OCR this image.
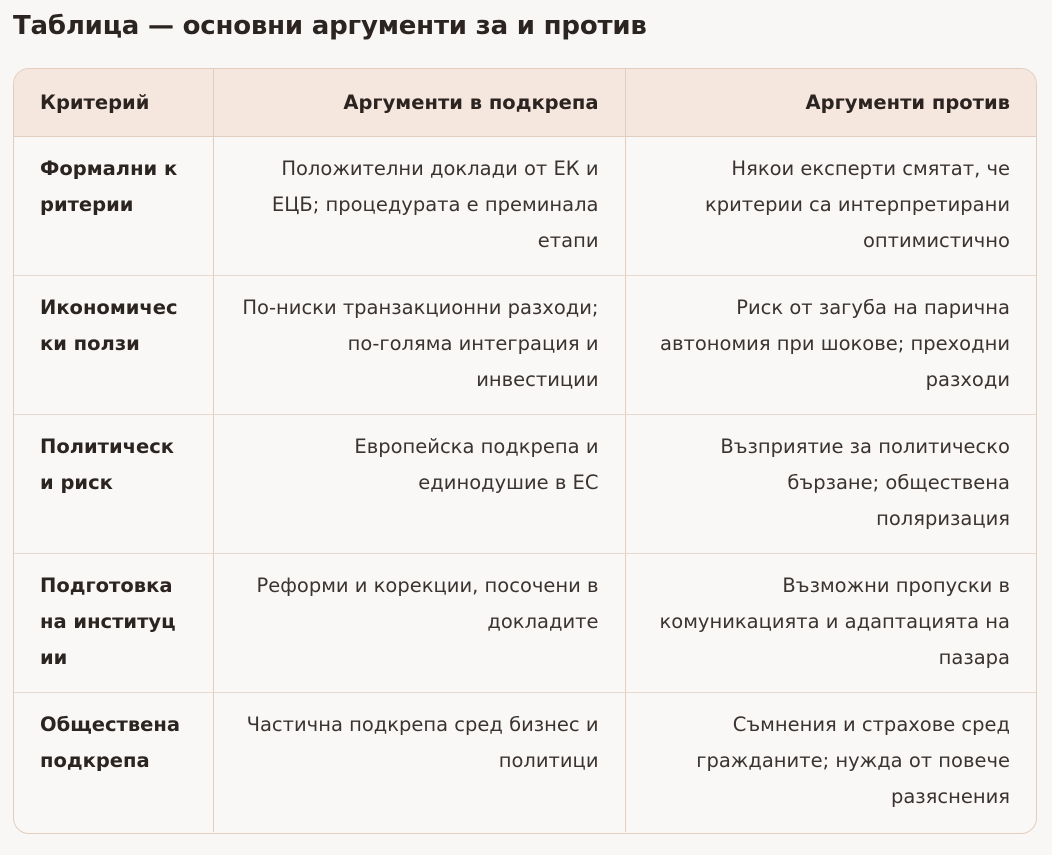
Таблица — основни аргументи за и против
Критерий	Аргументи в подкрепа	Аргументи против
Формални критерии	Положителни доклади от ЕК и ЕЦБ; процедурата е преминала етапи	Някои експерти смятат, че критерии са интерпретирани оптимистично
Икономически ползи	По-ниски транзакционни разходи; по-голяма интеграция и инвестиции	Риск от загуба на парична автономия при шокове; преходни разходи
Политически риск	Европейска подкрепа и единодушие в ЕС	Възприятие за политическо бързане; обществена поляризация
Подготовка на институции	Реформи и корекции, посочени в докладите	Възможни пропуски в комуникацията и адаптацията на пазара
Обществена подкрепа	Частична подкрепа сред бизнес и политици	Съмнения и страхове сред гражданите; нужда от повече разяснения
